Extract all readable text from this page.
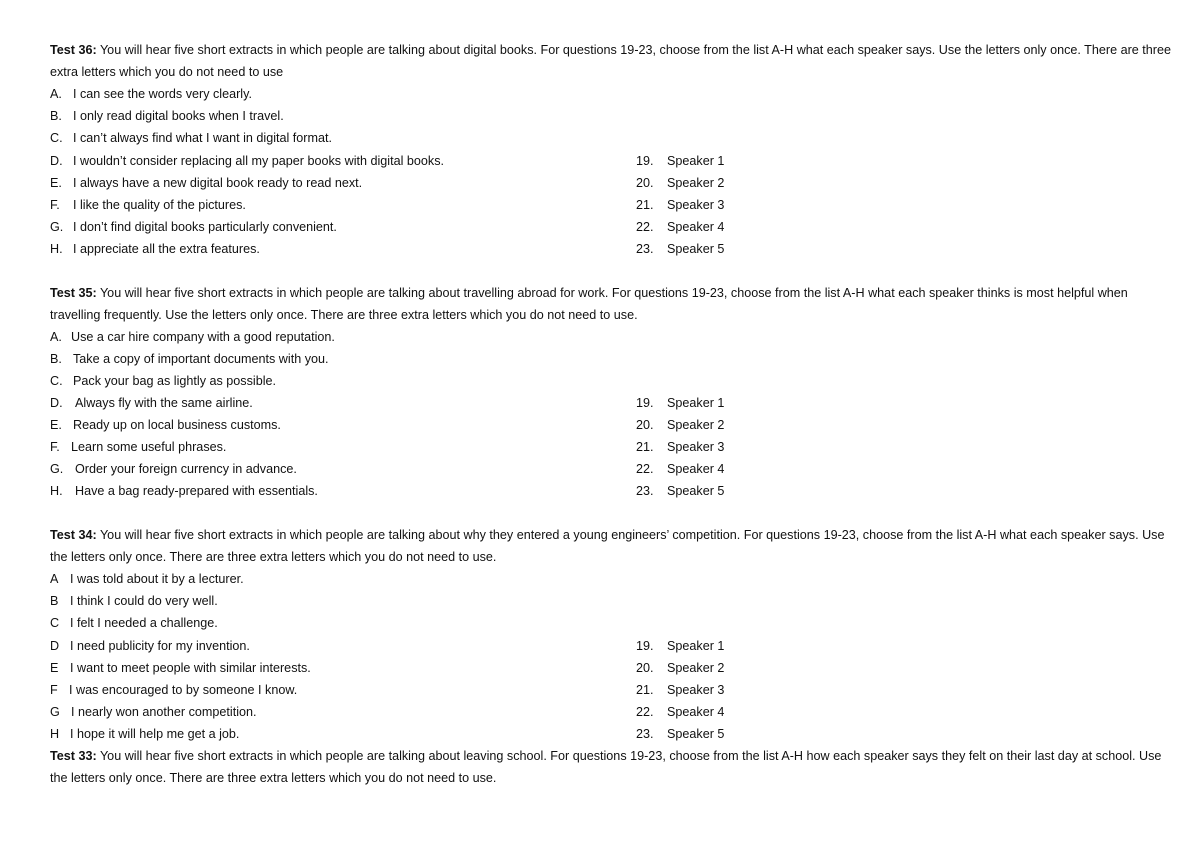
Test 36: You will hear five short extracts in which people are talking about digital books. For questions 19-23, choose from the list A-H what each speaker says. Use the letters only once. There are three extra letters which you do not need to use
A. I can see the words very clearly.
B. I only read digital books when I travel.
C. I can’t always find what I want in digital format.
D. I wouldn’t consider replacing all my paper books with digital books.
E. I always have a new digital book ready to read next.
F. I like the quality of the pictures.
G. I don’t find digital books particularly convenient.
H. I appreciate all the extra features.
19. Speaker 1
20. Speaker 2
21. Speaker 3
22. Speaker 4
23. Speaker 5
Test 35: You will hear five short extracts in which people are talking about travelling abroad for work. For questions 19-23, choose from the list A-H what each speaker thinks is most helpful when travelling frequently. Use the letters only once. There are three extra letters which you do not need to use.
A. Use a car hire company with a good reputation.
B. Take a copy of important documents with you.
C. Pack your bag as lightly as possible.
D. Always fly with the same airline.
E. Ready up on local business customs.
F. Learn some useful phrases.
G. Order your foreign currency in advance.
H. Have a bag ready-prepared with essentials.
19. Speaker 1
20. Speaker 2
21. Speaker 3
22. Speaker 4
23. Speaker 5
Test 34: You will hear five short extracts in which people are talking about why they entered a young engineers’ competition. For questions 19-23, choose from the list A-H what each speaker says. Use the letters only once. There are three extra letters which you do not need to use.
A I was told about it by a lecturer.
B I think I could do very well.
C I felt I needed a challenge.
D I need publicity for my invention.
E I want to meet people with similar interests.
F I was encouraged to by someone I know.
G I nearly won another competition.
H I hope it will help me get a job.
19. Speaker 1
20. Speaker 2
21. Speaker 3
22. Speaker 4
23. Speaker 5
Test 33: You will hear five short extracts in which people are talking about leaving school. For questions 19-23, choose from the list A-H how each speaker says they felt on their last day at school. Use the letters only once. There are three extra letters which you do not need to use.
